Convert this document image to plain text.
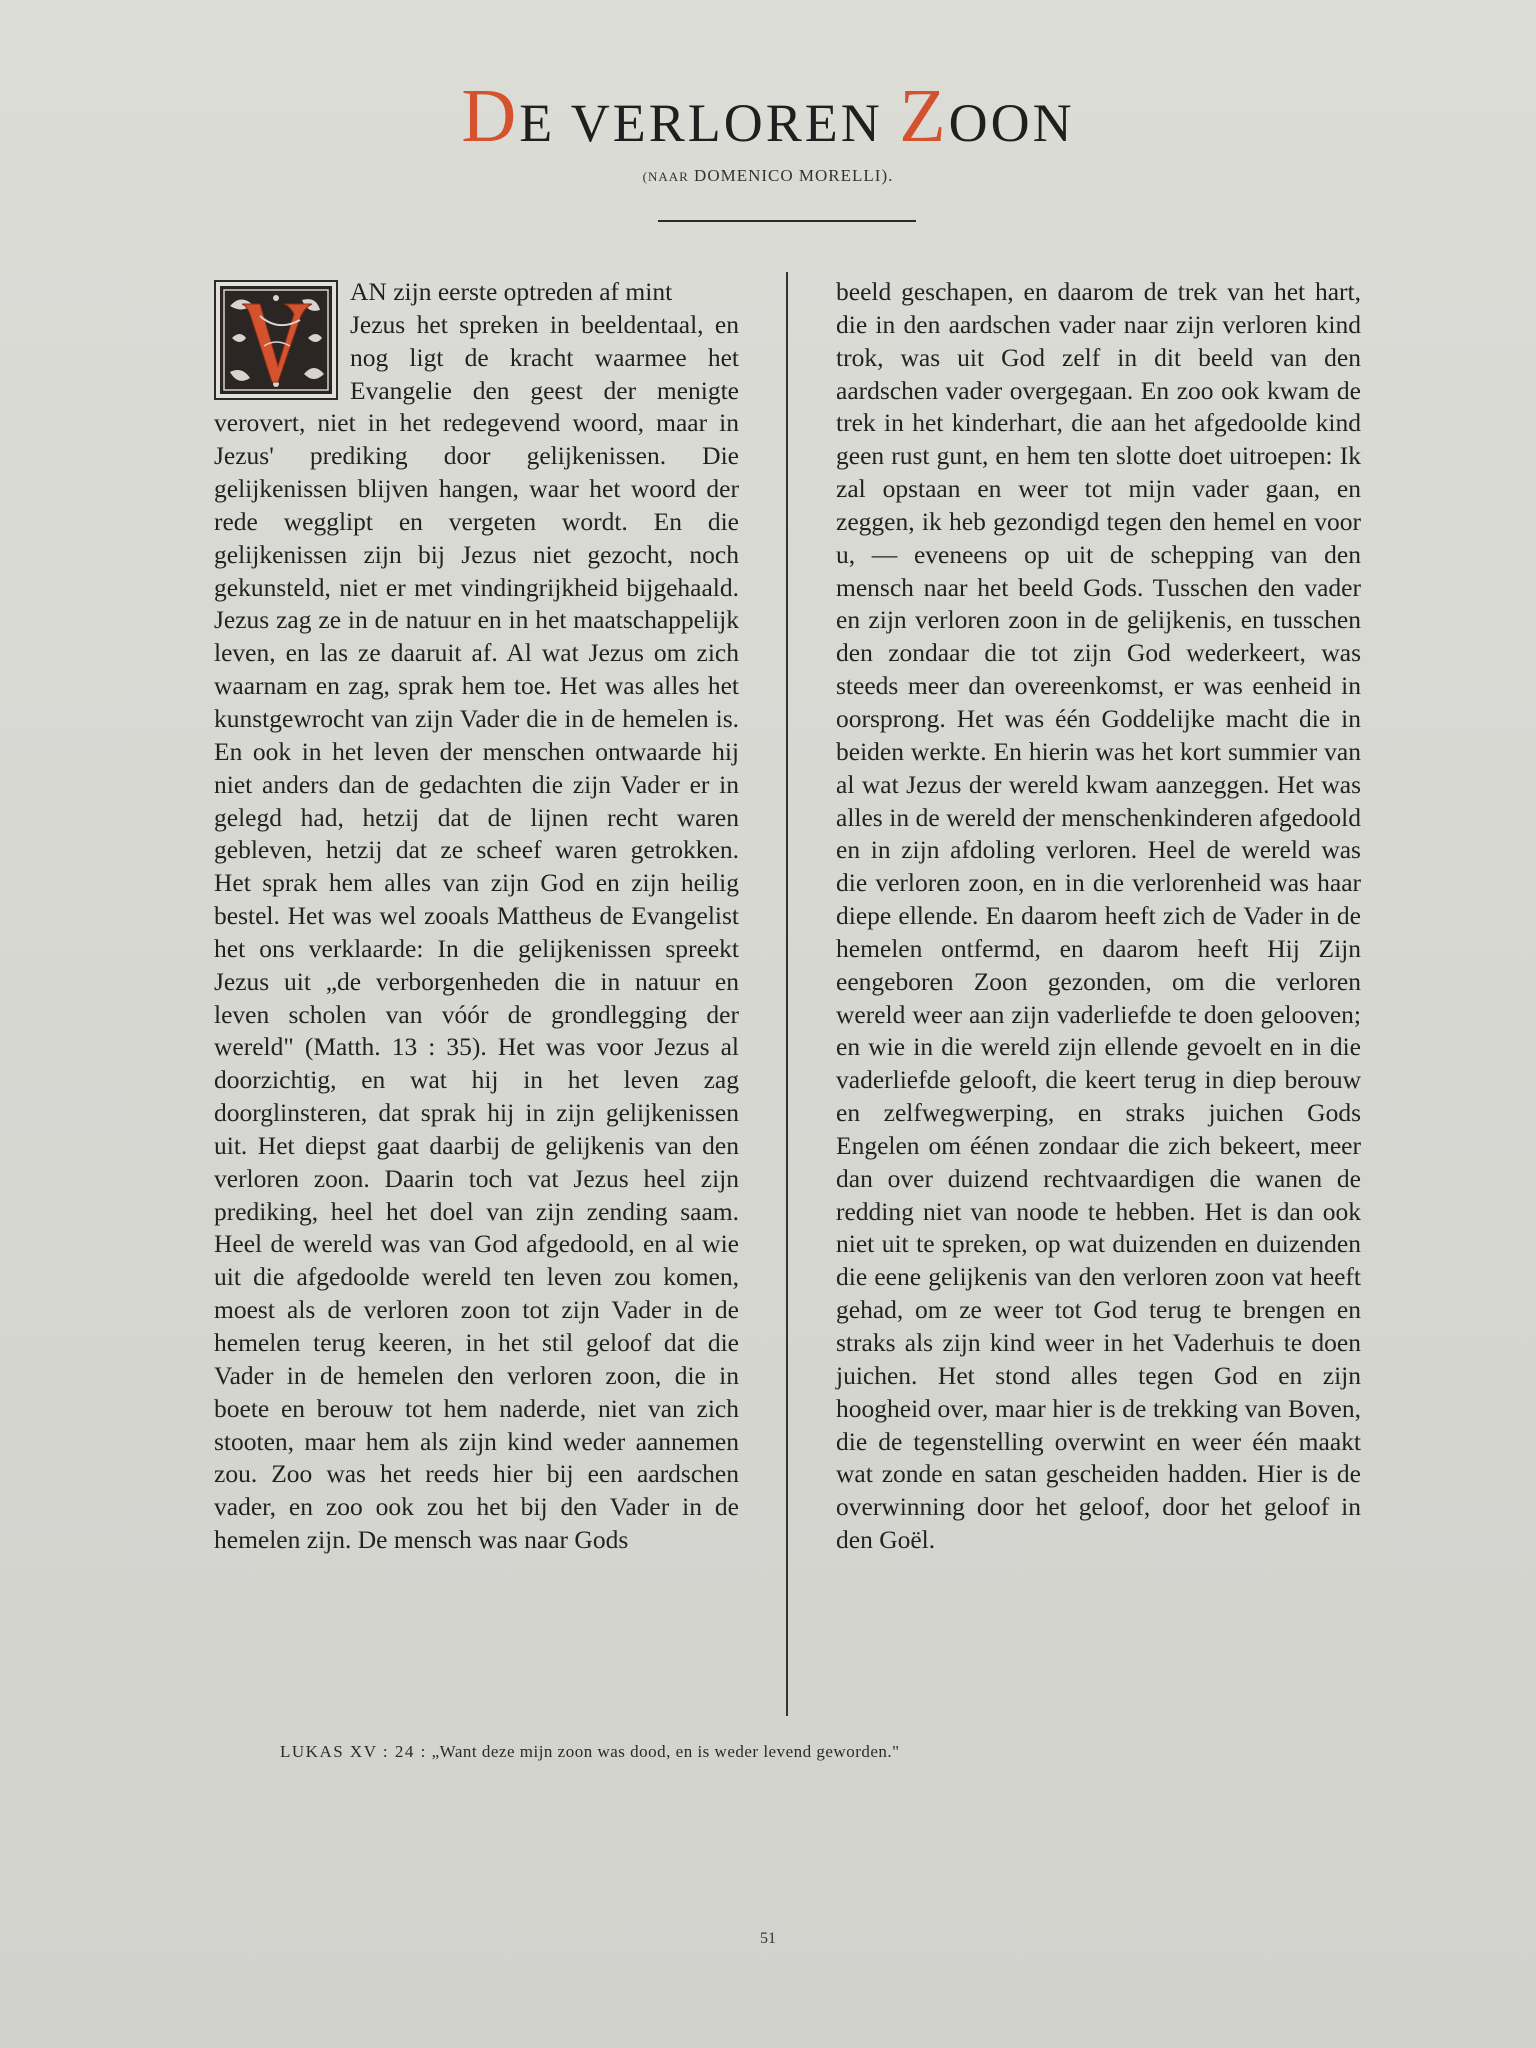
DE VERLOREN ZOON
(NAAR DOMENICO MORELLI).

AN zijn eerste optreden af mint

Jezus het spreken in beeldentaal, en nog ligt de kracht waarmee het Evangelie den geest der menigte verovert, niet in het redegevend woord, maar in Jezus' prediking door gelijkenissen. Die gelijkenissen blijven hangen, waar het woord der rede wegglipt en vergeten wordt. En die gelijkenissen zijn bij Jezus niet gezocht, noch gekunsteld, niet er met vindingrijkheid bijgehaald. Jezus zag ze in de natuur en in het maatschappelijk leven, en las ze daaruit af. Al wat Jezus om zich waarnam en zag, sprak hem toe. Het was alles het kunstgewrocht van zijn Vader die in de hemelen is. En ook in het leven der menschen ontwaarde hij niet anders dan de gedachten die zijn Vader er in gelegd had, hetzij dat de lijnen recht waren gebleven, hetzij dat ze scheef waren getrokken. Het sprak hem alles van zijn God en zijn heilig bestel. Het was wel zooals Mattheus de Evangelist het ons verklaarde: In die gelijkenissen spreekt Jezus uit „de verborgenheden die in natuur en leven scholen van vóór de grondlegging der wereld" (Matth. 13 : 35). Het was voor Jezus al doorzichtig, en wat hij in het leven zag doorglinsteren, dat sprak hij in zijn gelijkenissen uit. Het diepst gaat daarbij de gelijkenis van den verloren zoon. Daarin toch vat Jezus heel zijn prediking, heel het doel van zijn zending saam. Heel de wereld was van God afgedoold, en al wie uit die afgedoolde wereld ten leven zou komen, moest als de verloren zoon tot zijn Vader in de hemelen terug keeren, in het stil geloof dat die Vader in de hemelen den verloren zoon, die in boete en berouw tot hem naderde, niet van zich stooten, maar hem als zijn kind weder aannemen zou. Zoo was het reeds hier bij een aardschen vader, en zoo ook zou het bij den Vader in de hemelen zijn. De mensch was naar Gods

beeld geschapen, en daarom de trek van het hart, die in den aardschen vader naar zijn verloren kind trok, was uit God zelf in dit beeld van den aardschen vader overgegaan. En zoo ook kwam de trek in het kinderhart, die aan het afgedoolde kind geen rust gunt, en hem ten slotte doet uitroepen: Ik zal opstaan en weer tot mijn vader gaan, en zeggen, ik heb gezondigd tegen den hemel en voor u, — eveneens op uit de schepping van den mensch naar het beeld Gods. Tusschen den vader en zijn verloren zoon in de gelijkenis, en tusschen den zondaar die tot zijn God wederkeert, was steeds meer dan overeenkomst, er was eenheid in oorsprong. Het was één Goddelijke macht die in beiden werkte. En hierin was het kort summier van al wat Jezus der wereld kwam aanzeggen. Het was alles in de wereld der menschenkinderen afgedoold en in zijn afdoling verloren. Heel de wereld was die verloren zoon, en in die verlorenheid was haar diepe ellende. En daarom heeft zich de Vader in de hemelen ontfermd, en daarom heeft Hij Zijn eengeboren Zoon gezonden, om die verloren wereld weer aan zijn vaderliefde te doen gelooven; en wie in die wereld zijn ellende gevoelt en in die vaderliefde gelooft, die keert terug in diep berouw en zelfwegwerping, en straks juichen Gods Engelen om éénen zondaar die zich bekeert, meer dan over duizend rechtvaardigen die wanen de redding niet van noode te hebben. Het is dan ook niet uit te spreken, op wat duizenden en duizenden die eene gelijkenis van den verloren zoon vat heeft gehad, om ze weer tot God terug te brengen en straks als zijn kind weer in het Vaderhuis te doen juichen. Het stond alles tegen God en zijn hoogheid over, maar hier is de trekking van Boven, die de tegenstelling overwint en weer één maakt wat zonde en satan gescheiden hadden. Hier is de overwinning door het geloof, door het geloof in den Goël.

LUKAS XV : 24 : „Want deze mijn zoon was dood, en is weder levend geworden."
51
